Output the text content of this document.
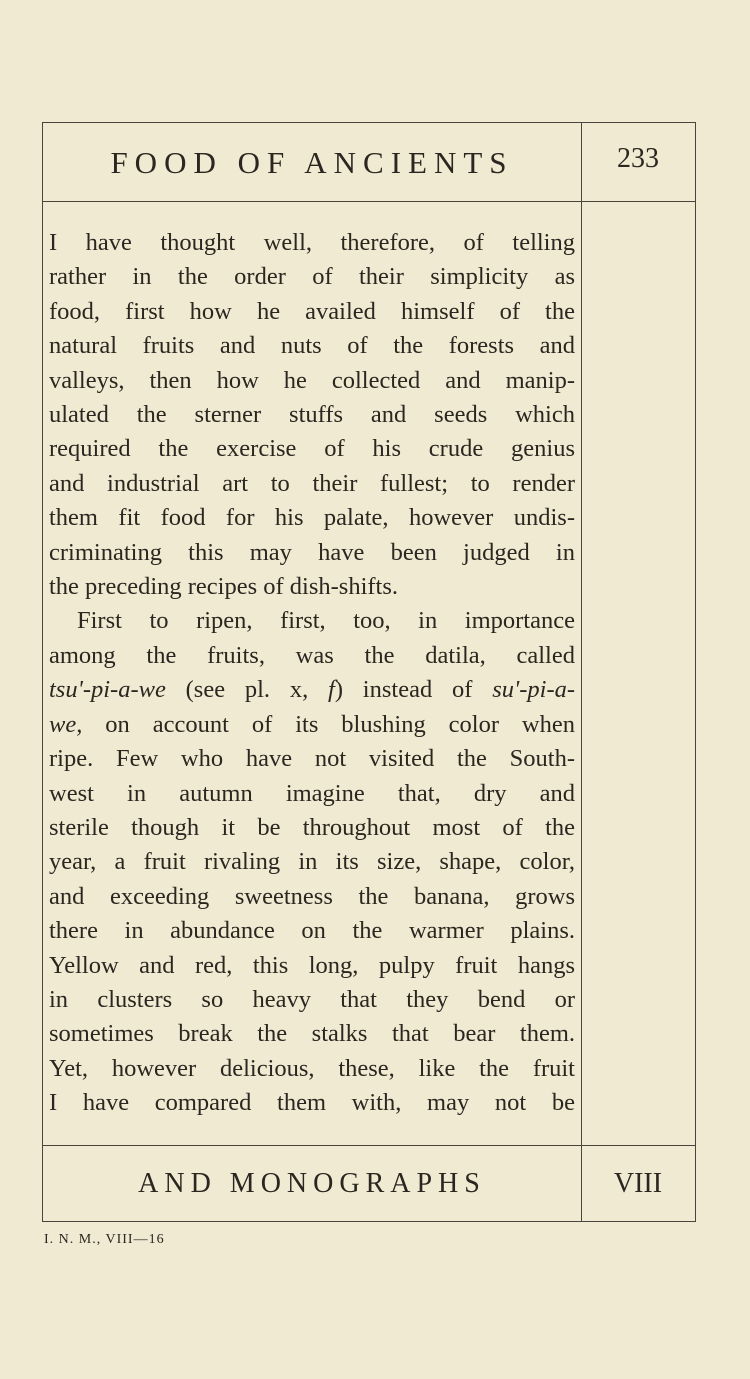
FOOD OF ANCIENTS	233
I have thought well, therefore, of telling
rather in the order of their simplicity as
food, first how he availed himself of the
natural fruits and nuts of the forests and
valleys, then how he collected and manip-
ulated the sterner stuffs and seeds which
required the exercise of his crude genius
and industrial art to their fullest; to render
them fit food for his palate, however undis-
criminating this may have been judged in
the preceding recipes of dish-shifts.
First to ripen, first, too, in importance
among the fruits, was the datila, called
tsu'-pi-a-we (see pl. x, f) instead of su'-pi-a-
we, on account of its blushing color when
ripe. Few who have not visited the South-
west in autumn imagine that, dry and
sterile though it be throughout most of the
year, a fruit rivaling in its size, shape, color,
and exceeding sweetness the banana, grows
there in abundance on the warmer plains.
Yellow and red, this long, pulpy fruit hangs
in clusters so heavy that they bend or
sometimes break the stalks that bear them.
Yet, however delicious, these, like the fruit
I have compared them with, may not be
AND MONOGRAPHS	VIII
I. N. M., VIII—16
